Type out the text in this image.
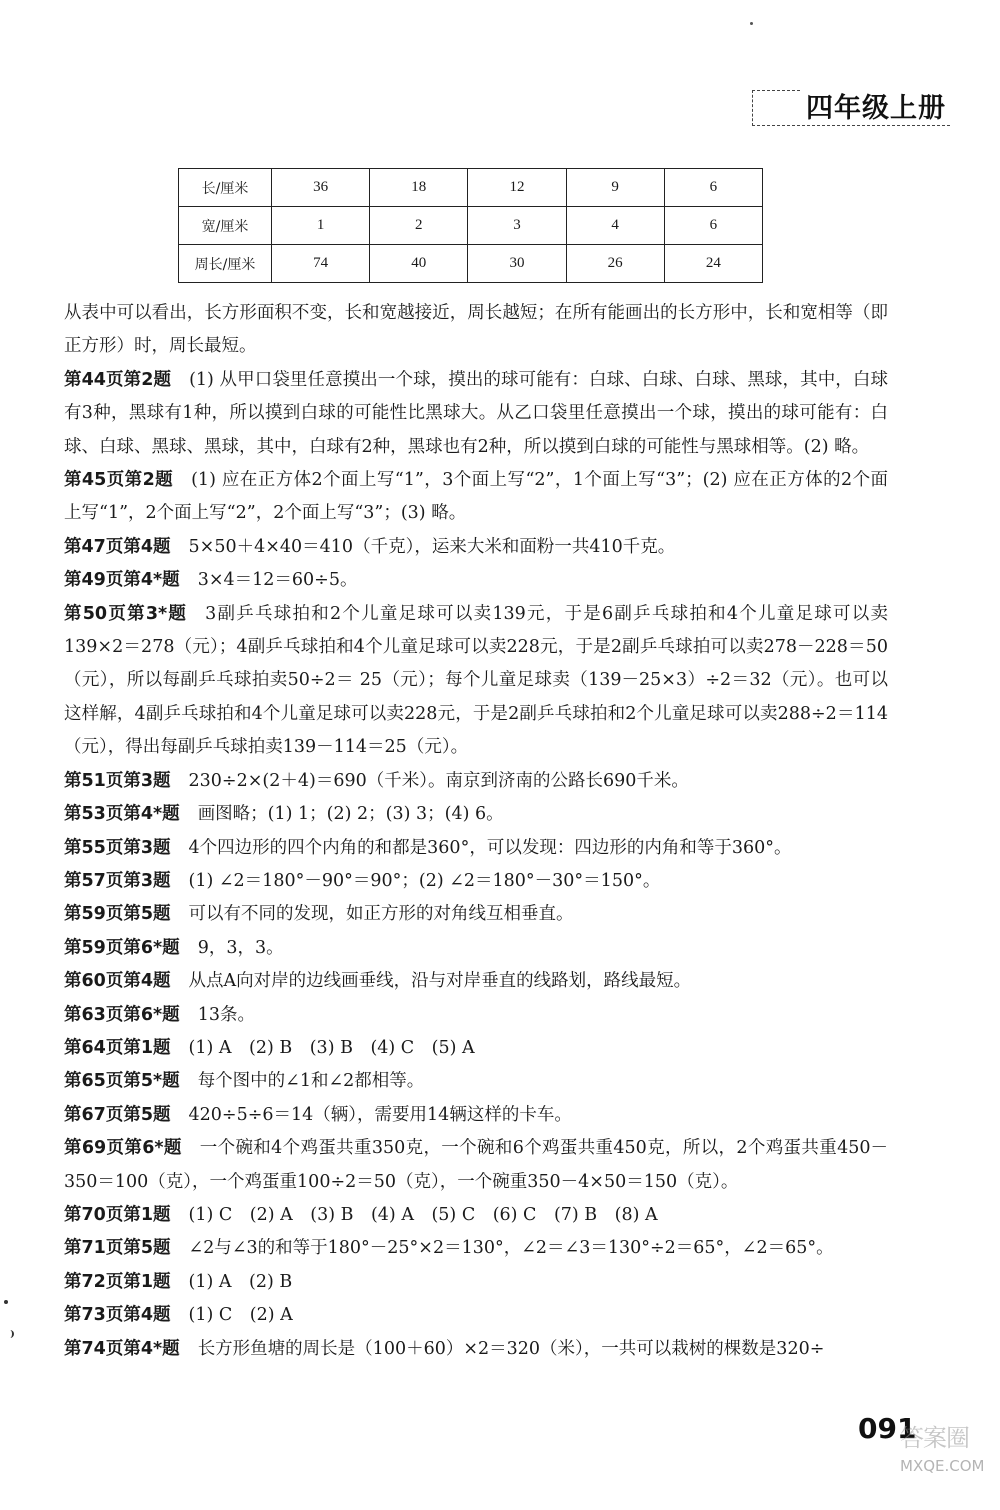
四年级上册
长/厘米	36	18	12	9	6
宽/厘米	1	2	3	4	6
周长/厘米	74	40	30	26	24

从表中可以看出，长方形面积不变，长和宽越接近，周长越短；在所有能画出的长方形中，长和宽相等（即正方形）时，周长最短。

第44页第2题 (1) 从甲口袋里任意摸出一个球，摸出的球可能有：白球、白球、白球、黑球，其中，白球有3种，黑球有1种，所以摸到白球的可能性比黑球大。从乙口袋里任意摸出一个球，摸出的球可能有：白球、白球、黑球、黑球，其中，白球有2种，黑球也有2种，所以摸到白球的可能性与黑球相等。(2) 略。

第45页第2题 (1) 应在正方体2个面上写“1”，3个面上写“2”，1个面上写“3”；(2) 应在正方体的2个面上写“1”，2个面上写“2”，2个面上写“3”；(3) 略。

第47页第4题 5×50＋4×40＝410（千克），运来大米和面粉一共410千克。

第49页第4*题 3×4＝12＝60÷5。

第50页第3*题 3副乒乓球拍和2个儿童足球可以卖139元，于是6副乒乓球拍和4个儿童足球可以卖139×2＝278（元）；4副乒乓球拍和4个儿童足球可以卖228元，于是2副乒乓球拍可以卖278－228＝50（元），所以每副乒乓球拍卖50÷2＝ 25（元）；每个儿童足球卖（139－25×3）÷2＝32（元）。也可以这样解，4副乒乓球拍和4个儿童足球可以卖228元，于是2副乒乓球拍和2个儿童足球可以卖288÷2＝114（元），得出每副乒乓球拍卖139－114＝25（元）。

第51页第3题 230÷2×(2＋4)＝690（千米）。南京到济南的公路长690千米。

第53页第4*题 画图略；(1) 1；(2) 2；(3) 3；(4) 6。

第55页第3题 4个四边形的四个内角的和都是360°，可以发现：四边形的内角和等于360°。

第57页第3题 (1) ∠2＝180°－90°＝90°；(2) ∠2＝180°－30°＝150°。

第59页第5题 可以有不同的发现，如正方形的对角线互相垂直。

第59页第6*题 9，3，3。

第60页第4题 从点A向对岸的边线画垂线，沿与对岸垂直的线路划，路线最短。

第63页第6*题 13条。

第64页第1题 (1) A　(2) B　(3) B　(4) C　(5) A

第65页第5*题 每个图中的∠1和∠2都相等。

第67页第5题 420÷5÷6＝14（辆），需要用14辆这样的卡车。

第69页第6*题 一个碗和4个鸡蛋共重350克，一个碗和6个鸡蛋共重450克，所以，2个鸡蛋共重450－350＝100（克），一个鸡蛋重100÷2＝50（克），一个碗重350－4×50＝150（克）。

第70页第1题 (1) C　(2) A　(3) B　(4) A　(5) C　(6) C　(7) B　(8) A

第71页第5题 ∠2与∠3的和等于180°－25°×2＝130°，∠2＝∠3＝130°÷2＝65°，∠2＝65°。

第72页第1题 (1) A　(2) B

第73页第4题 (1) C　(2) A

第74页第4*题 长方形鱼塘的周长是（100＋60）×2＝320（米），一共可以栽树的棵数是320÷

091
答案圈
MXQE.COM
